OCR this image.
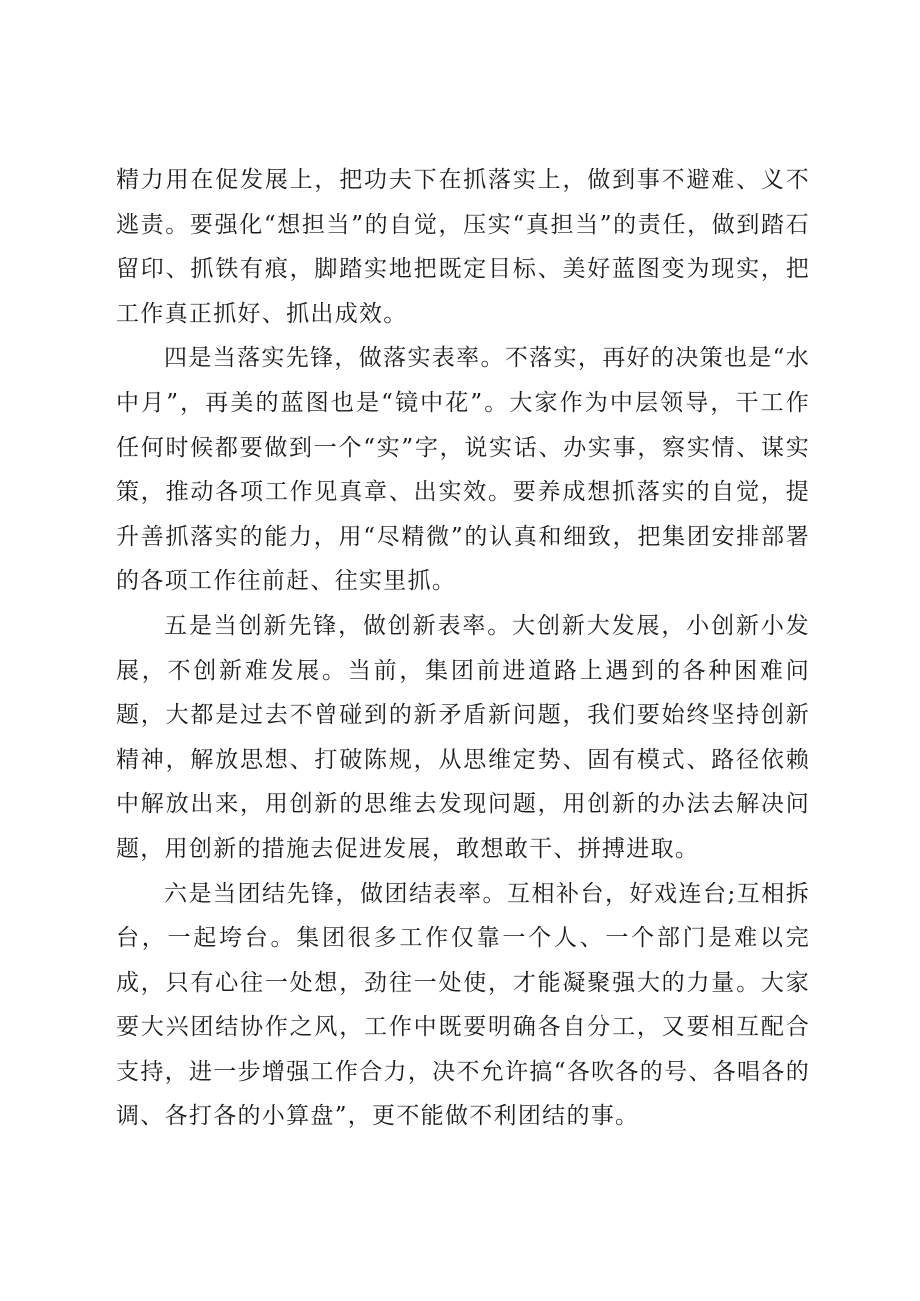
精力用在促发展上，把功夫下在抓落实上，做到事不避难、义不逃责。要强化“想担当”的自觉，压实“真担当”的责任，做到踏石留印、抓铁有痕，脚踏实地把既定目标、美好蓝图变为现实，把工作真正抓好、抓出成效。

四是当落实先锋，做落实表率。不落实，再好的决策也是“水中月”，再美的蓝图也是“镜中花”。大家作为中层领导，干工作任何时候都要做到一个“实”字，说实话、办实事，察实情、谋实策，推动各项工作见真章、出实效。要养成想抓落实的自觉，提升善抓落实的能力，用“尽精微”的认真和细致，把集团安排部署的各项工作往前赶、往实里抓。

五是当创新先锋，做创新表率。大创新大发展，小创新小发展，不创新难发展。当前，集团前进道路上遇到的各种困难问题，大都是过去不曾碰到的新矛盾新问题，我们要始终坚持创新精神，解放思想、打破陈规，从思维定势、固有模式、路径依赖中解放出来，用创新的思维去发现问题，用创新的办法去解决问题，用创新的措施去促进发展，敢想敢干、拼搏进取。

六是当团结先锋，做团结表率。互相补台，好戏连台;互相拆台，一起垮台。集团很多工作仅靠一个人、一个部门是难以完成，只有心往一处想，劲往一处使，才能凝聚强大的力量。大家要大兴团结协作之风，工作中既要明确各自分工，又要相互配合支持，进一步增强工作合力，决不允许搞“各吹各的号、各唱各的调、各打各的小算盘”，更不能做不利团结的事。
